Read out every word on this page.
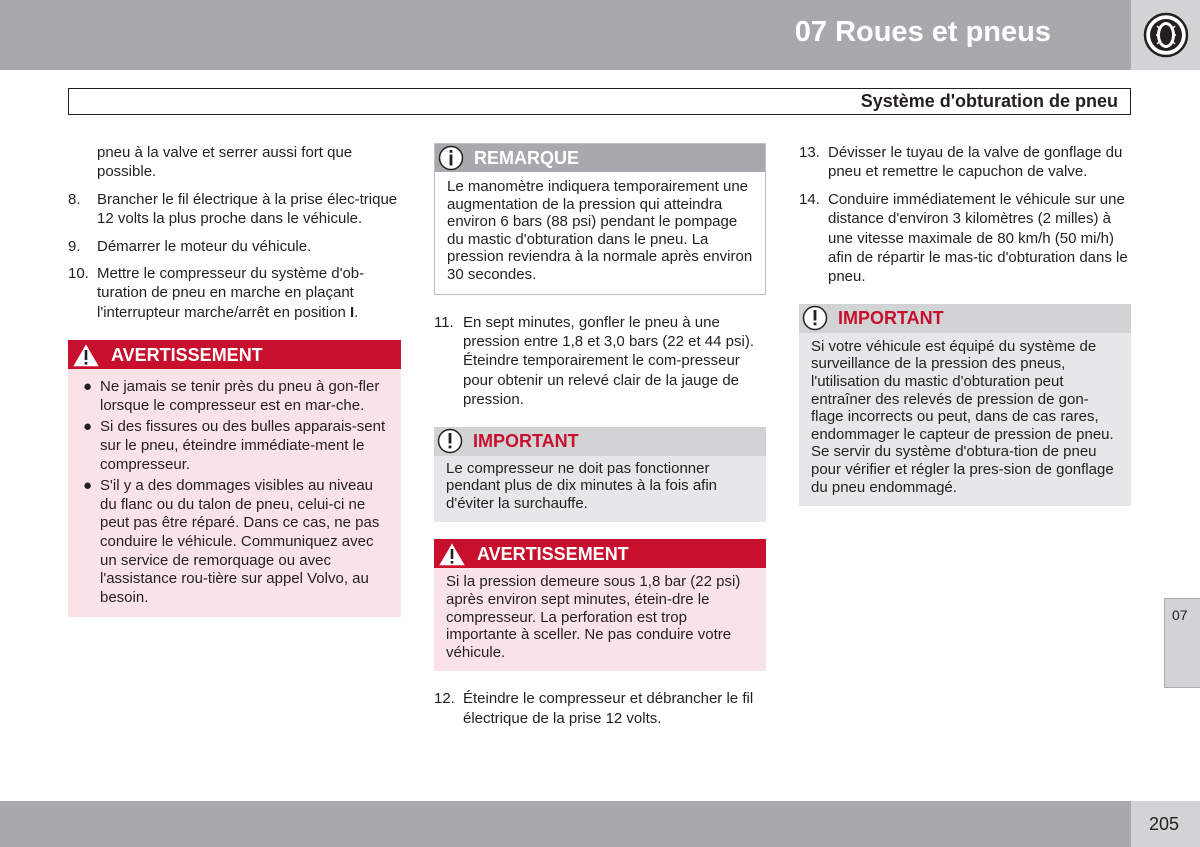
07 Roues et pneus
Système d'obturation de pneu
pneu à la valve et serrer aussi fort que possible.
8.	Brancher le fil électrique à la prise élec-trique 12 volts la plus proche dans le véhicule.
9.	Démarrer le moteur du véhicule.
10. Mettre le compresseur du système d'ob-turation de pneu en marche en plaçant l'interrupteur marche/arrêt en position I.
AVERTISSEMENT
● Ne jamais se tenir près du pneu à gon-fler lorsque le compresseur est en mar-che.
● Si des fissures ou des bulles apparais-sent sur le pneu, éteindre immédiate-ment le compresseur.
● S'il y a des dommages visibles au niveau du flanc ou du talon de pneu, celui-ci ne peut pas être réparé. Dans ce cas, ne pas conduire le véhicule. Communiquez avec un service de remorquage ou avec l'assistance rou-tière sur appel Volvo, au besoin.
REMARQUE
Le manomètre indiquera temporairement une augmentation de la pression qui atteindra environ 6 bars (88 psi) pendant le pompage du mastic d'obturation dans le pneu. La pression reviendra à la normale après environ 30 secondes.
11. En sept minutes, gonfler le pneu à une pression entre 1,8 et 3,0 bars (22 et 44 psi). Éteindre temporairement le com-presseur pour obtenir un relevé clair de la jauge de pression.
IMPORTANT
Le compresseur ne doit pas fonctionner pendant plus de dix minutes à la fois afin d'éviter la surchauffe.
AVERTISSEMENT
Si la pression demeure sous 1,8 bar (22 psi) après environ sept minutes, étein-dre le compresseur. La perforation est trop importante à sceller. Ne pas conduire votre véhicule.
12. Éteindre le compresseur et débrancher le fil électrique de la prise 12 volts.
13. Dévisser le tuyau de la valve de gonflage du pneu et remettre le capuchon de valve.
14. Conduire immédiatement le véhicule sur une distance d'environ 3 kilomètres (2 milles) à une vitesse maximale de 80 km/h (50 mi/h) afin de répartir le mas-tic d'obturation dans le pneu.
IMPORTANT
Si votre véhicule est équipé du système de surveillance de la pression des pneus, l'utilisation du mastic d'obturation peut entraîner des relevés de pression de gon-flage incorrects ou peut, dans de cas rares, endommager le capteur de pression de pneu. Se servir du système d'obtura-tion de pneu pour vérifier et régler la pres-sion de gonflage du pneu endommagé.
07
205
